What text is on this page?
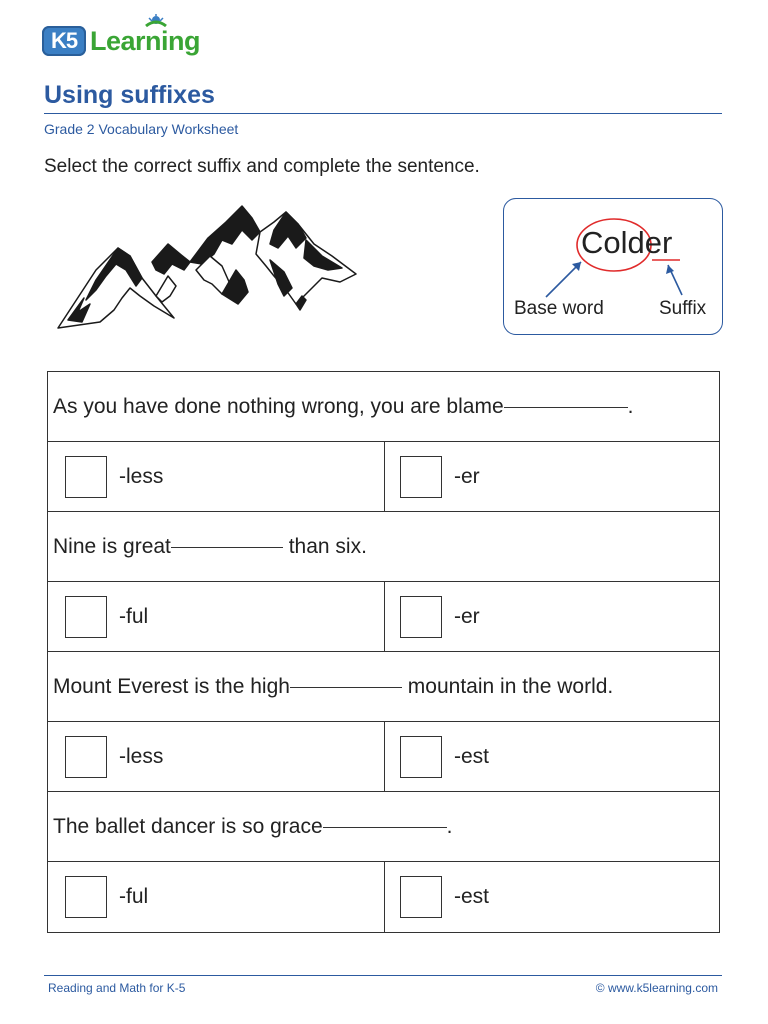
K5 Learning
Using suffixes
Grade 2 Vocabulary Worksheet
Select the correct suffix and complete the sentence.
Colder
Base word	Suffix
As you have done nothing wrong, you are blame	.
-less	-er
Nine is great	than six.
-ful	-er
Mount Everest is the high	mountain in the world.
-less	-est
The ballet dancer is so grace	.
-ful	-est
Reading and Math for K-5	© www.k5learning.com
